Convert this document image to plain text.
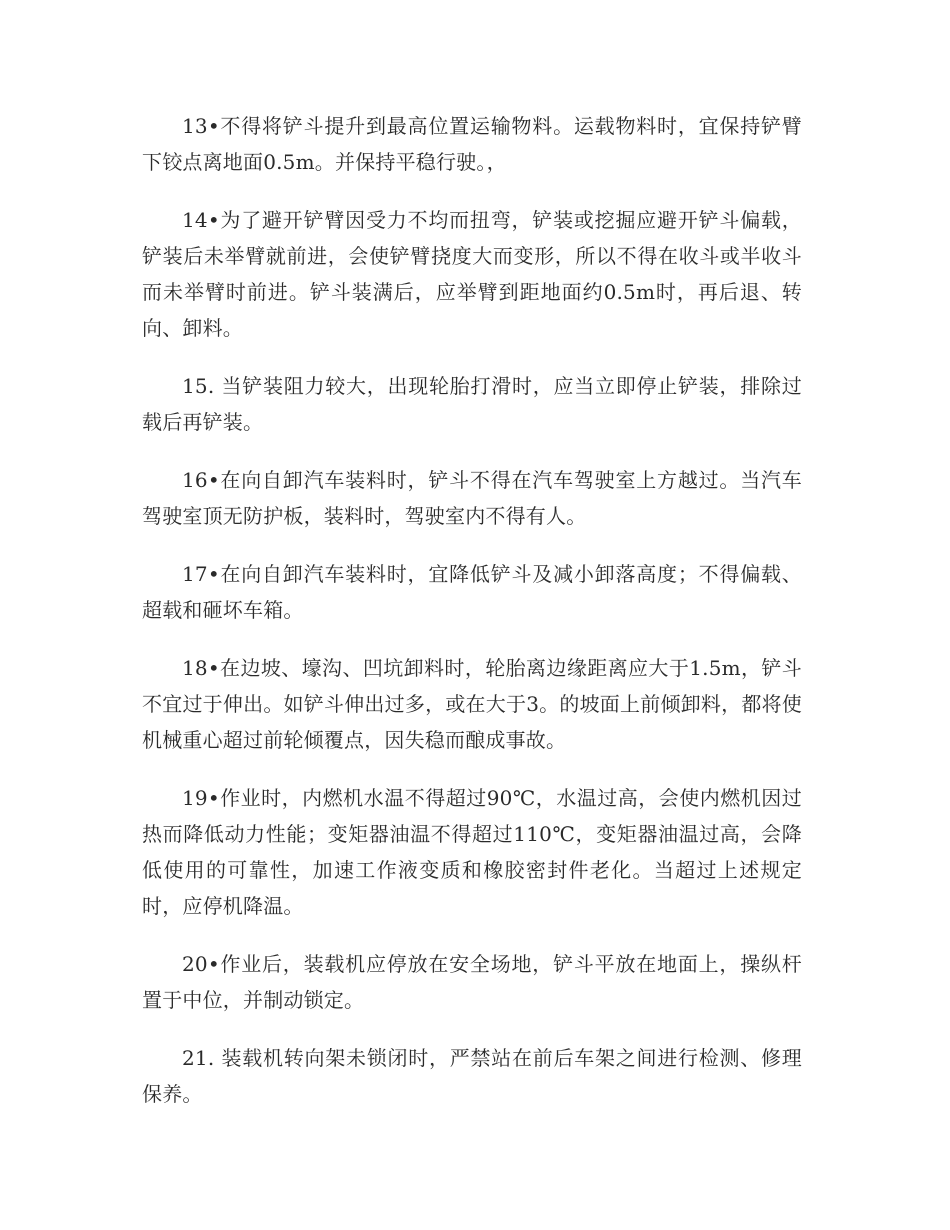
13•不得将铲斗提升到最高位置运输物料。运载物料时，宜保持铲臂下铰点离地面0.5m。并保持平稳行驶。，

14•为了避开铲臂因受力不均而扭弯，铲装或挖掘应避开铲斗偏载，铲装后未举臂就前进，会使铲臂挠度大而变形，所以不得在收斗或半收斗而未举臂时前进。铲斗装满后，应举臂到距地面约0.5m时，再后退、转向、卸料。

15. 当铲装阻力较大，出现轮胎打滑时，应当立即停止铲装，排除过载后再铲装。

16•在向自卸汽车装料时，铲斗不得在汽车驾驶室上方越过。当汽车驾驶室顶无防护板，装料时，驾驶室内不得有人。

17•在向自卸汽车装料时，宜降低铲斗及减小卸落高度；不得偏载、超载和砸坏车箱。

18•在边坡、壕沟、凹坑卸料时，轮胎离边缘距离应大于1.5m，铲斗不宜过于伸出。如铲斗伸出过多，或在大于3。的坡面上前倾卸料，都将使机械重心超过前轮倾覆点，因失稳而酿成事故。

19•作业时，内燃机水温不得超过90℃，水温过高，会使内燃机因过热而降低动力性能；变矩器油温不得超过110℃，变矩器油温过高，会降低使用的可靠性，加速工作液变质和橡胶密封件老化。当超过上述规定时，应停机降温。

20•作业后，装载机应停放在安全场地，铲斗平放在地面上，操纵杆置于中位，并制动锁定。

21. 装载机转向架未锁闭时，严禁站在前后车架之间进行检测、修理保养。
